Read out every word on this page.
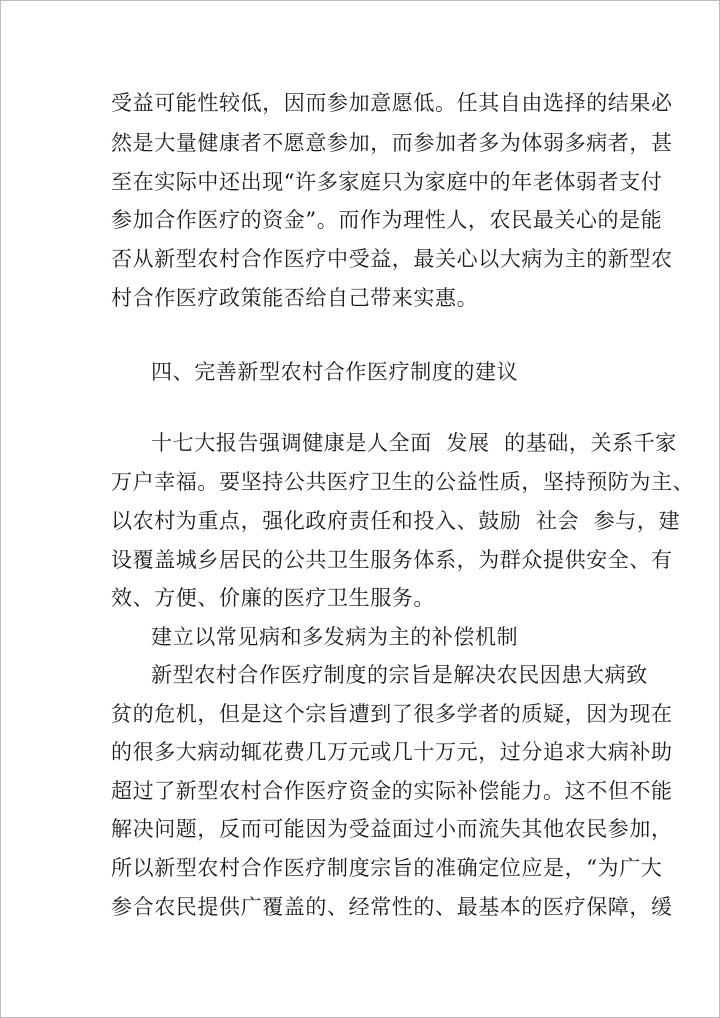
受益可能性较低，因而参加意愿低。任其自由选择的结果必
然是大量健康者不愿意参加，而参加者多为体弱多病者，甚
至在实际中还出现“许多家庭只为家庭中的年老体弱者支付
参加合作医疗的资金”。而作为理性人，农民最关心的是能
否从新型农村合作医疗中受益，最关心以大病为主的新型农
村合作医疗政策能否给自己带来实惠。
四、完善新型农村合作医疗制度的建议
十七大报告强调健康是人全面  发展  的基础，关系千家
万户幸福。要坚持公共医疗卫生的公益性质，坚持预防为主、
以农村为重点，强化政府责任和投入、鼓励  社会  参与，建
设覆盖城乡居民的公共卫生服务体系，为群众提供安全、有
效、方便、价廉的医疗卫生服务。
建立以常见病和多发病为主的补偿机制
新型农村合作医疗制度的宗旨是解决农民因患大病致
贫的危机，但是这个宗旨遭到了很多学者的质疑，因为现在
的很多大病动辄花费几万元或几十万元，过分追求大病补助
超过了新型农村合作医疗资金的实际补偿能力。这不但不能
解决问题，反而可能因为受益面过小而流失其他农民参加，
所以新型农村合作医疗制度宗旨的准确定位应是，“为广大
参合农民提供广覆盖的、经常性的、最基本的医疗保障，缓
